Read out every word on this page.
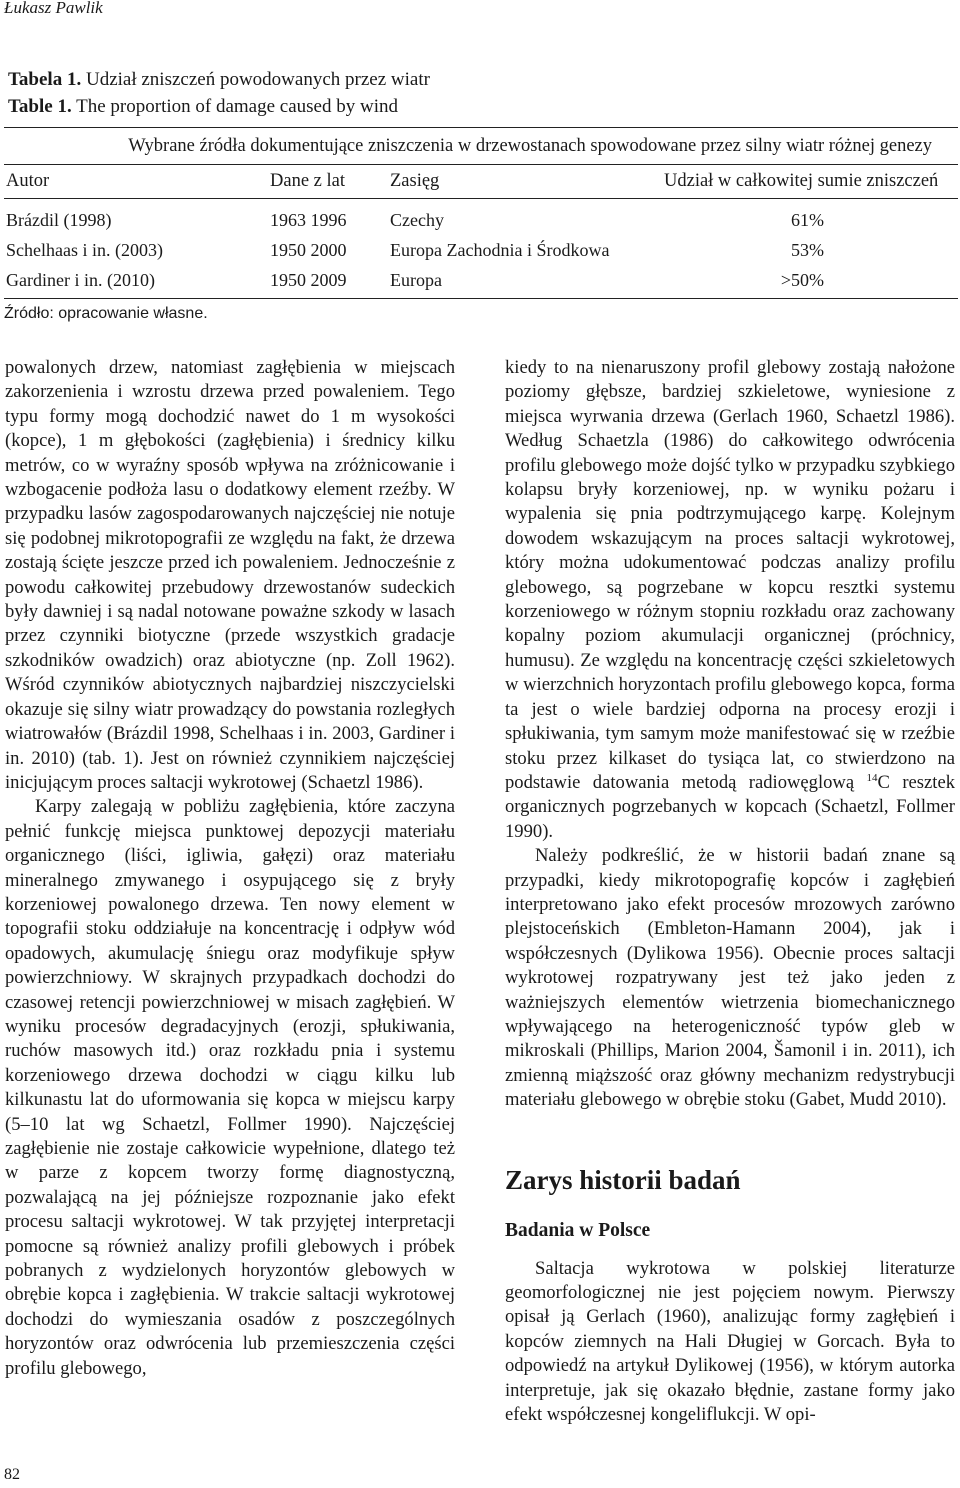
Łukasz Pawlik
Tabela 1. Udział zniszczeń powodowanych przez wiatr
Table 1. The proportion of damage caused by wind
Wybrane źródła dokumentujące zniszczenia w drzewostanach spowodowane przez silny wiatr różnej genezy
Autor	Dane z lat Zasięg	Udział w całkowitej sumie zniszczeń
Brázdil (1998)	1963 1996 Czechy	61%
Schelhaas i in. (2003)	1950 2000 Europa Zachodnia i Środkowa	53%
Gardiner i in. (2010)	1950 2009 Europa	>50%
Źródło: opracowanie własne.

powalonych drzew, natomiast zagłębienia w miejscach zakorzenienia i wzrostu drzewa przed powaleniem. Tego typu formy mogą dochodzić nawet do 1 m wysokości (kopce), 1 m głębokości (zagłębienia) i średnicy kilku metrów, co w wyraźny sposób wpływa na zróżnicowanie i wzbogacenie podłoża lasu o dodatkowy element rzeźby. W przypadku lasów zagospodarowanych najczęściej nie notuje się podobnej mikrotopografii ze względu na fakt, że drzewa zostają ścięte jeszcze przed ich powaleniem. Jednocześnie z powodu całkowitej przebudowy drzewostanów sudeckich były dawniej i są nadal notowane poważne szkody w lasach przez czynniki biotyczne (przede wszystkich gradacje szkodników owadzich) oraz abiotyczne (np. Zoll 1962). Wśród czynników abiotycznych najbardziej niszczycielski okazuje się silny wiatr prowadzący do powstania rozległych wiatrowałów (Brázdil 1998, Schelhaas i in. 2003, Gardiner i in. 2010) (tab. 1). Jest on również czynnikiem najczęściej inicjującym proces saltacji wykrotowej (Schaetzl 1986).

Karpy zalegają w pobliżu zagłębienia, które zaczyna pełnić funkcję miejsca punktowej depozycji materiału organicznego (liści, igliwia, gałęzi) oraz materiału mineralnego zmywanego i osypującego się z bryły korzeniowej powalonego drzewa. Ten nowy element w topografii stoku oddziałuje na koncentrację i odpływ wód opadowych, akumulację śniegu oraz modyfikuje spływ powierzchniowy. W skrajnych przypadkach dochodzi do czasowej retencji powierzchniowej w misach zagłębień. W wyniku procesów degradacyjnych (erozji, spłukiwania, ruchów masowych itd.) oraz rozkładu pnia i systemu korzeniowego drzewa dochodzi w ciągu kilku lub kilkunastu lat do uformowania się kopca w miejscu karpy (5–10 lat wg Schaetzl, Follmer 1990). Najczęściej zagłębienie nie zostaje całkowicie wypełnione, dlatego też w parze z kopcem tworzy formę diagnostyczną, pozwalającą na jej późniejsze rozpoznanie jako efekt procesu saltacji wykrotowej. W tak przyjętej interpretacji pomocne są również analizy profili glebowych i próbek pobranych z wydzielonych horyzontów glebowych w obrębie kopca i zagłębienia. W trakcie saltacji wykrotowej dochodzi do wymieszania osadów z poszczególnych horyzontów oraz odwrócenia lub przemieszczenia części profilu glebowego,

kiedy to na nienaruszony profil glebowy zostają nałożone poziomy głębsze, bardziej szkieletowe, wyniesione z miejsca wyrwania drzewa (Gerlach 1960, Schaetzl 1986). Według Schaetzla (1986) do całkowitego odwrócenia profilu glebowego może dojść tylko w przypadku szybkiego kolapsu bryły korzeniowej, np. w wyniku pożaru i wypalenia się pnia podtrzymującego karpę. Kolejnym dowodem wskazującym na proces saltacji wykrotowej, który można udokumentować podczas analizy profilu glebowego, są pogrzebane w kopcu resztki systemu korzeniowego w różnym stopniu rozkładu oraz zachowany kopalny poziom akumulacji organicznej (próchnicy, humusu). Ze względu na koncentrację części szkieletowych w wierzchnich horyzontach profilu glebowego kopca, forma ta jest o wiele bardziej odporna na procesy erozji i spłukiwania, tym samym może manifestować się w rzeźbie stoku przez kilkaset do tysiąca lat, co stwierdzono na podstawie datowania metodą radiowęglową $^{14}$C resztek organicznych pogrzebanych w kopcach (Schaetzl, Follmer 1990).

Należy podkreślić, że w historii badań znane są przypadki, kiedy mikrotopografię kopców i zagłębień interpretowano jako efekt procesów mrozowych zarówno plejstoceńskich (Embleton-Hamann 2004), jak i współczesnych (Dylikowa 1956). Obecnie proces saltacji wykrotowej rozpatrywany jest też jako jeden z ważniejszych elementów wietrzenia biomechanicznego wpływającego na heterogeniczność typów gleb w mikroskali (Phillips, Marion 2004, Šamonil i in. 2011), ich zmienną miąższość oraz główny mechanizm redystrybucji materiału glebowego w obrębie stoku (Gabet, Mudd 2010).

Zarys historii badań
Badania w Polsce

Saltacja wykrotowa w polskiej literaturze geomorfologicznej nie jest pojęciem nowym. Pierwszy opisał ją Gerlach (1960), analizując formy zagłębień i kopców ziemnych na Hali Długiej w Gorcach. Była to odpowiedź na artykuł Dylikowej (1956), w którym autorka interpretuje, jak się okazało błędnie, zastane formy jako efekt współczesnej kongeliflukcji. W opi-

82
